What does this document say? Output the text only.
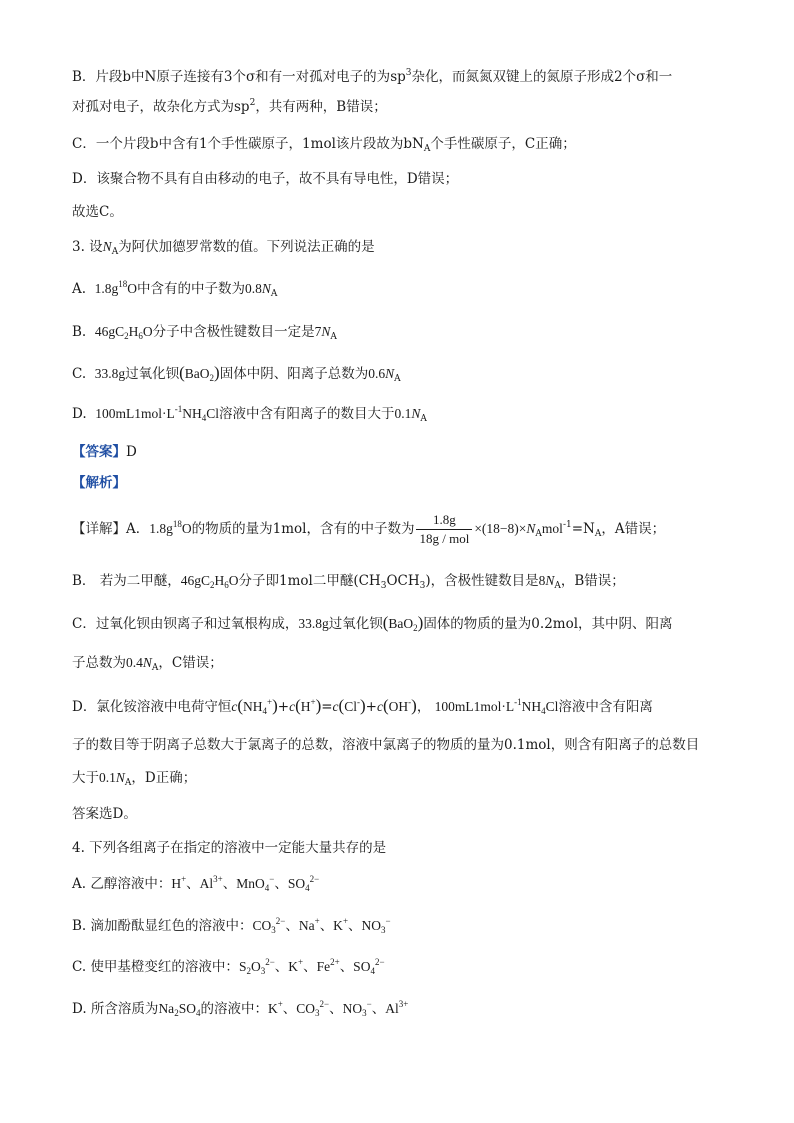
B．片段b中N原子连接有3个σ和有一对孤对电子的为$sp^3$杂化，而氮氮双键上的氮原子形成2个σ和一
对孤对电子，故杂化方式为$sp^2$，共有两种，B错误；
C．一个片段b中含有1个手性碳原子，1mol该片段故为$bN_A$个手性碳原子，C正确；
D．该聚合物不具有自由移动的电子，故不具有导电性，D错误；
故选C。
3. 设$N_A$为阿伏加德罗常数的值。下列说法正确的是
A. $1.8g^{18}O$中含有的中子数为$0.8N_A$
B. $46gC_2H_6O$分子中含极性键数目一定是$7N_A$
C. 33.8g过氧化钡(BaO$_2$)固体中阴、阳离子总数为$0.6N_A$
D. $100mL1mol\cdot L^{-1}NH_4Cl$溶液中含有阳离子的数目大于$0.1N_A$
【答案】D
【解析】
【详解】A．$1.8g^{18}O$的物质的量为1mol，含有的中子数为 $\frac{1.8g}{\text{18g / mol}} \times(18-8)\times N_Amol^{-1}=N_A$，A错误；
B． 若为二甲醚，$46gC_2H_6O$分子即1mol二甲醚$(CH_3OCH_3)$，含极性键数目是$8N_A$，B错误；
C．过氧化钡由钡离子和过氧根构成，33.8g过氧化钡(BaO$_2$)固体的物质的量为0.2mol，其中阴、阳离
子总数为$0.4N_A$，C错误；
D．氯化铵溶液中电荷守恒$c(NH_4^+)+c(H^+)=c(Cl^-)+c(OH^-)$， $100mL1mol\cdot L^{-1}NH_4Cl$溶液中含有阳离
子的数目等于阴离子总数大于氯离子的总数，溶液中氯离子的物质的量为0.1mol，则含有阳离子的总数目
大于$0.1N_A$，D正确；
答案选D。
4. 下列各组离子在指定的溶液中一定能大量共存的是
A. 乙醇溶液中：H+、$Al^{3+}$、MnO$_4$−、$SO_4^{2-}$
B. 滴加酚酞显红色的溶液中：$CO_3^{2-}$、Na+、K+、$NO_3^-$
C. 使甲基橙变红的溶液中：$S_2O_3^{2-}$、K+、$Fe^{2+}$、$SO_4^{2-}$
D. 所含溶质为$Na_2SO_4$的溶液中：K+、$CO_3^{2-}$、$NO_3^-$、$Al^{3+}$
